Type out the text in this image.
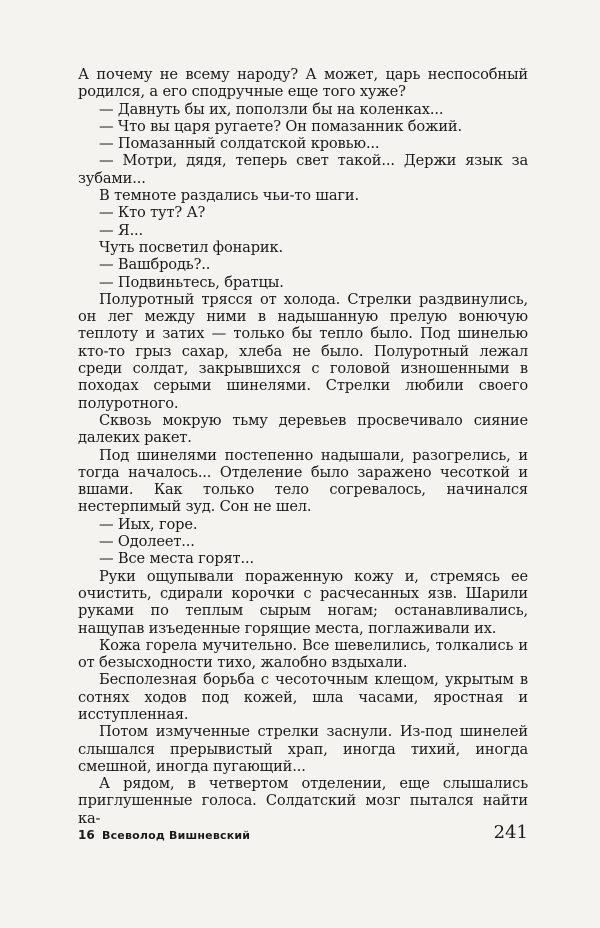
А почему не всему народу? А может, царь неспособный родился, а его сподручные еще того хуже?

— Давнуть бы их, поползли бы на коленках...

— Что вы царя ругаете? Он помазанник божий.

— Помазанный солдатской кровью...

— Мотри, дядя, теперь свет такой... Держи язык за зубами...

В темноте раздались чьи-то шаги.

— Кто тут? А?

— Я...

Чуть посветил фонарик.

— Вашбродь?..

— Подвиньтесь, братцы.

Полуротный трясся от холода. Стрелки раздвинулись, он лег между ними в надышанную прелую вонючую теплоту и затих — только бы тепло было. Под шинелью кто-то грыз сахар, хлеба не было. Полуротный лежал среди солдат, закрывшихся с головой изношенными в походах серыми шинелями. Стрелки любили своего полуротного.

Сквозь мокрую тьму деревьев просвечивало сияние далеких ракет.

Под шинелями постепенно надышали, разогрелись, и тогда началось... Отделение было заражено чесоткой и вшами. Как только тело согревалось, начинался нестерпимый зуд. Сон не шел.

— Иых, горе.

— Одолеет...

— Все места горят...

Руки ощупывали пораженную кожу и, стремясь ее очистить, сдирали корочки с расчесанных язв. Шарили руками по теплым сырым ногам; останавливались, нащупав изъеденные горящие места, поглаживали их.

Кожа горела мучительно. Все шевелились, толкались и от безысходности тихо, жалобно вздыхали.

Бесполезная борьба с чесоточным клещом, укрытым в сотнях ходов под кожей, шла часами, яростная и исступленная.

Потом измученные стрелки заснули. Из-под шинелей слышался прерывистый храп, иногда тихий, иногда смешной, иногда пугающий...

А рядом, в четвертом отделении, еще слышались приглушенные голоса. Солдатский мозг пытался найти ка-

16 Всеволод Вишневский	241
